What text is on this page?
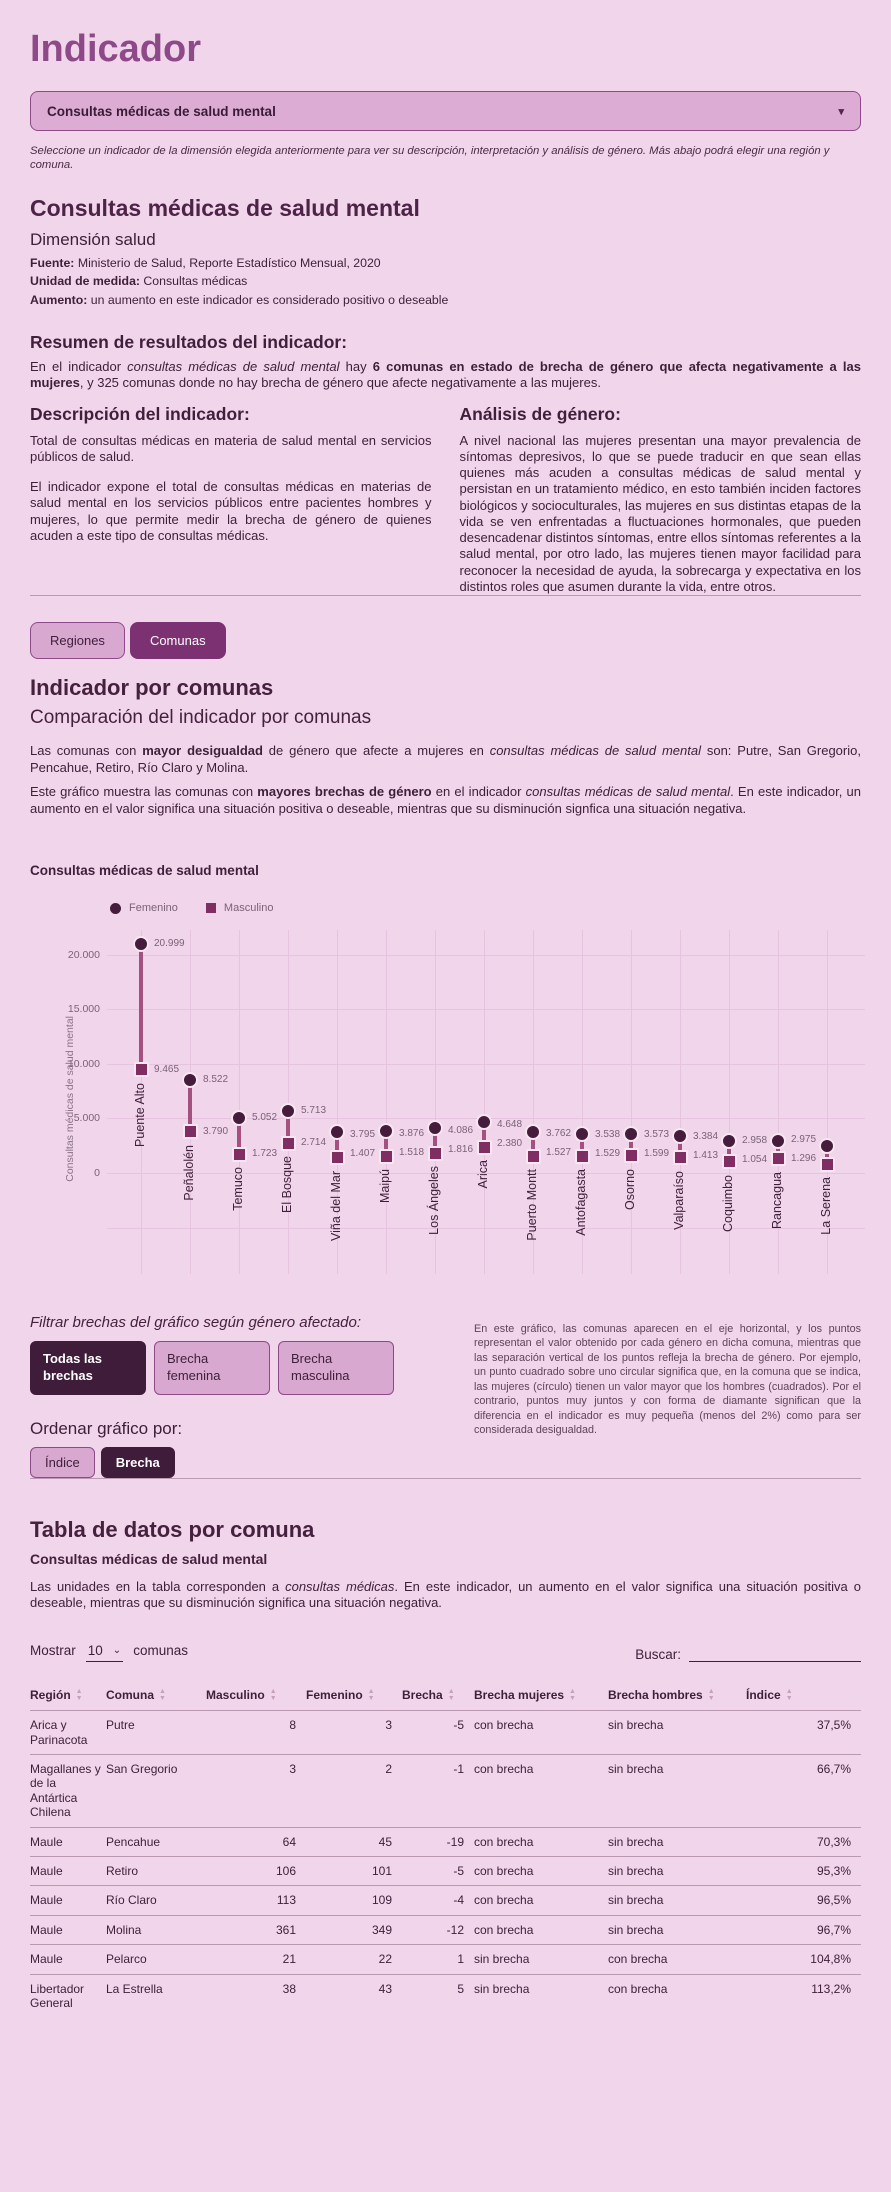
Indicador
Consultas médicas de salud mental	▾

Seleccione un indicador de la dimensión elegida anteriormente para ver su descripción, interpretación y análisis de género. Más abajo podrá elegir una región y comuna.

Consultas médicas de salud mental
Dimensión salud
Fuente: Ministerio de Salud, Reporte Estadístico Mensual, 2020
Unidad de medida: Consultas médicas
Aumento: un aumento en este indicador es considerado positivo o deseable
Resumen de resultados del indicador:

En el indicador consultas médicas de salud mental hay 6 comunas en estado de brecha de género que afecta negativamente a las mujeres, y 325 comunas donde no hay brecha de género que afecte negativamente a las mujeres.

Descripción del indicador:

Total de consultas médicas en materia de salud mental en servicios públicos de salud.

El indicador expone el total de consultas médicas en materias de salud mental en los servicios públicos entre pacientes hombres y mujeres, lo que permite medir la brecha de género de quienes acuden a este tipo de consultas médicas.

Análisis de género:

A nivel nacional las mujeres presentan una mayor prevalencia de síntomas depresivos, lo que se puede traducir en que sean ellas quienes más acuden a consultas médicas de salud mental y persistan en un tratamiento médico, en esto también inciden factores biológicos y socioculturales, las mujeres en sus distintas etapas de la vida se ven enfrentadas a fluctuaciones hormonales, que pueden desencadenar distintos síntomas, entre ellos síntomas referentes a la salud mental, por otro lado, las mujeres tienen mayor facilidad para reconocer la necesidad de ayuda, la sobrecarga y expectativa en los distintos roles que asumen durante la vida, entre otros.

Regiones	Comunas
Indicador por comunas
Comparación del indicador por comunas

Las comunas con mayor desigualdad de género que afecte a mujeres en consultas médicas de salud mental son: Putre, San Gregorio, Pencahue, Retiro, Río Claro y Molina.

Este gráfico muestra las comunas con mayores brechas de género en el indicador consultas médicas de salud mental. En este indicador, un aumento en el valor significa una situación positiva o deseable, mientras que su disminución signfica una situación negativa.

Consultas médicas de salud mental
Femenino	Masculino
20.000
15.000
10.000
5.000
0
Consultas médicas de salud mental
20.999
9.465
Puente Alto
8.522
3.790
Peñalolén
5.052
1.723
Temuco
5.713
2.714
El Bosque
3.795
1.407
Viña del Mar
3.876
1.518
Maipú
4.086
1.816
Los Ángeles
4.648
2.380
Arica
3.762
1.527
Puerto Montt
3.538
1.529
Antofagasta
3.573
1.599
Osorno
3.384
1.413
Valparaíso
2.958
1.054
Coquimbo
2.975
1.296
Rancagua	La Serena
Filtrar brechas del gráfico según género afectado:
Todas las brechas
Brecha femenina
Brecha masculina
Ordenar gráfico por:
Índice	Brecha
En este gráfico, las comunas aparecen en el eje horizontal, y los puntos representan el valor obtenido por cada género en dicha comuna, mientras que las separación vertical de los puntos refleja la brecha de género. Por ejemplo, un punto cuadrado sobre uno circular significa que, en la comuna que se indica, las mujeres (círculo) tienen un valor mayor que los hombres (cuadrados). Por el contrario, puntos muy juntos y con forma de diamante significan que la diferencia en el indicador es muy pequeña (menos del 2%) como para ser considerada desigualdad.
Tabla de datos por comuna
Consultas médicas de salud mental

Las unidades en la tabla corresponden a consultas médicas. En este indicador, un aumento en el valor significa una situación positiva o deseable, mientras que su disminución significa una situación negativa.

Mostrar 10 ⌄ comunas	Buscar:
Región ▲
▼	Comuna ▲
▼	Masculino ▲
▼	Femenino ▲
▼	Brecha ▲
▼	Brecha mujeres ▲
▼	Brecha hombres ▲
▼	Índice ▲
▼

Arica y Parinacota	Putre	8	3	-5	con brecha	sin brecha	37,5%
Magallanes y de la Antártica Chilena	San Gregorio	3	2	-1	con brecha	sin brecha	66,7%
Maule	Pencahue	64	45	-19	con brecha	sin brecha	70,3%
Maule	Retiro	106	101	-5	con brecha	sin brecha	95,3%
Maule	Río Claro	113	109	-4	con brecha	sin brecha	96,5%
Maule	Molina	361	349	-12	con brecha	sin brecha	96,7%
Maule	Pelarco	21	22	1	sin brecha	con brecha	104,8%
Libertador General	La Estrella	38	43	5	sin brecha	con brecha	113,2%
